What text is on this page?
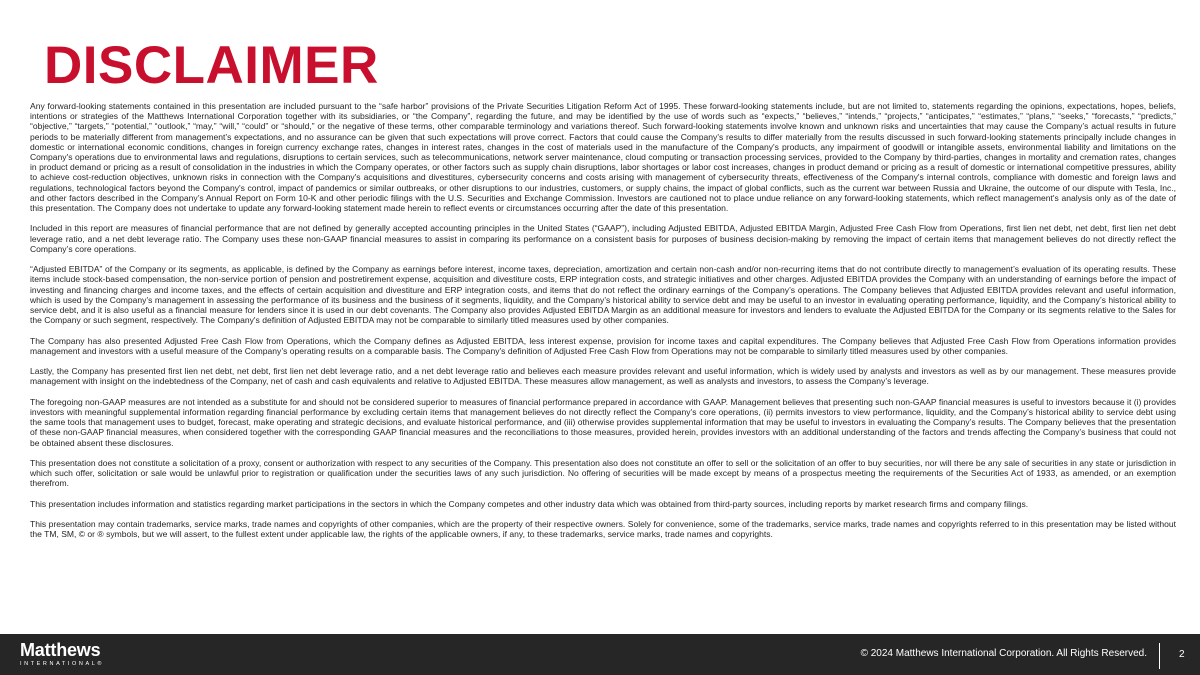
DISCLAIMER

Any forward-looking statements contained in this presentation are included pursuant to the “safe harbor” provisions of the Private Securities Litigation Reform Act of 1995. These forward-looking statements include, but are not limited to, statements regarding the opinions, expectations, hopes, beliefs, intentions or strategies of the Matthews International Corporation together with its subsidiaries, or “the Company”, regarding the future, and may be identified by the use of words such as “expects,” “believes,” “intends,” “projects,” “anticipates,” “estimates,” “plans,” “seeks,” “forecasts,” “predicts,” “objective,” “targets,” “potential,” “outlook,” “may,” “will,” “could” or “should,” or the negative of these terms, other comparable terminology and variations thereof. Such forward-looking statements involve known and unknown risks and uncertainties that may cause the Company’s actual results in future periods to be materially different from management’s expectations, and no assurance can be given that such expectations will prove correct. Factors that could cause the Company's results to differ materially from the results discussed in such forward-looking statements principally include changes in domestic or international economic conditions, changes in foreign currency exchange rates, changes in interest rates, changes in the cost of materials used in the manufacture of the Company's products, any impairment of goodwill or intangible assets, environmental liability and limitations on the Company's operations due to environmental laws and regulations, disruptions to certain services, such as telecommunications, network server maintenance, cloud computing or transaction processing services, provided to the Company by third-parties, changes in mortality and cremation rates, changes in product demand or pricing as a result of consolidation in the industries in which the Company operates, or other factors such as supply chain disruptions, labor shortages or labor cost increases, changes in product demand or pricing as a result of domestic or international competitive pressures, ability to achieve cost-reduction objectives, unknown risks in connection with the Company's acquisitions and divestitures, cybersecurity concerns and costs arising with management of cybersecurity threats, effectiveness of the Company's internal controls, compliance with domestic and foreign laws and regulations, technological factors beyond the Company's control, impact of pandemics or similar outbreaks, or other disruptions to our industries, customers, or supply chains, the impact of global conflicts, such as the current war between Russia and Ukraine, the outcome of our dispute with Tesla, Inc., and other factors described in the Company’s Annual Report on Form 10-K and other periodic filings with the U.S. Securities and Exchange Commission. Investors are cautioned not to place undue reliance on any forward-looking statements, which reflect management's analysis only as of the date of this presentation. The Company does not undertake to update any forward-looking statement made herein to reflect events or circumstances occurring after the date of this presentation.

Included in this report are measures of financial performance that are not defined by generally accepted accounting principles in the United States (“GAAP”), including Adjusted EBITDA, Adjusted EBITDA Margin, Adjusted Free Cash Flow from Operations, first lien net debt, net debt, first lien net debt leverage ratio, and a net debt leverage ratio. The Company uses these non-GAAP financial measures to assist in comparing its performance on a consistent basis for purposes of business decision-making by removing the impact of certain items that management believes do not directly reflect the Company’s core operations.

“Adjusted EBITDA” of the Company or its segments, as applicable, is defined by the Company as earnings before interest, income taxes, depreciation, amortization and certain non-cash and/or non-recurring items that do not contribute directly to management’s evaluation of its operating results. These items include stock-based compensation, the non-service portion of pension and postretirement expense, acquisition and divestiture costs, ERP integration costs, and strategic initiatives and other charges. Adjusted EBITDA provides the Company with an understanding of earnings before the impact of investing and financing charges and income taxes, and the effects of certain acquisition and divestiture and ERP integration costs, and items that do not reflect the ordinary earnings of the Company’s operations. The Company believes that Adjusted EBITDA provides relevant and useful information, which is used by the Company’s management in assessing the performance of its business and the business of it segments, liquidity, and the Company’s historical ability to service debt and may be useful to an investor in evaluating operating performance, liquidity, and the Company’s historical ability to service debt, and it is also useful as a financial measure for lenders since it is used in our debt covenants. The Company also provides Adjusted EBITDA Margin as an additional measure for investors and lenders to evaluate the Adjusted EBITDA for the Company or its segments relative to the Sales for the Company or such segment, respectively. The Company's definition of Adjusted EBITDA may not be comparable to similarly titled measures used by other companies.

The Company has also presented Adjusted Free Cash Flow from Operations, which the Company defines as Adjusted EBITDA, less interest expense, provision for income taxes and capital expenditures. The Company believes that Adjusted Free Cash Flow from Operations information provides management and investors with a useful measure of the Company’s operating results on a comparable basis. The Company's definition of Adjusted Free Cash Flow from Operations may not be comparable to similarly titled measures used by other companies.

Lastly, the Company has presented first lien net debt, net debt, first lien net debt leverage ratio, and a net debt leverage ratio and believes each measure provides relevant and useful information, which is widely used by analysts and investors as well as by our management. These measures provide management with insight on the indebtedness of the Company, net of cash and cash equivalents and relative to Adjusted EBITDA. These measures allow management, as well as analysts and investors, to assess the Company’s leverage.

The foregoing non-GAAP measures are not intended as a substitute for and should not be considered superior to measures of financial performance prepared in accordance with GAAP. Management believes that presenting such non-GAAP financial measures is useful to investors because it (i) provides investors with meaningful supplemental information regarding financial performance by excluding certain items that management believes do not directly reflect the Company’s core operations, (ii) permits investors to view performance, liquidity, and the Company’s historical ability to service debt using the same tools that management uses to budget, forecast, make operating and strategic decisions, and evaluate historical performance, and (iii) otherwise provides supplemental information that may be useful to investors in evaluating the Company’s results. The Company believes that the presentation of these non-GAAP financial measures, when considered together with the corresponding GAAP financial measures and the reconciliations to those measures, provided herein, provides investors with an additional understanding of the factors and trends affecting the Company’s business that could not be obtained absent these disclosures.

This presentation does not constitute a solicitation of a proxy, consent or authorization with respect to any securities of the Company. This presentation also does not constitute an offer to sell or the solicitation of an offer to buy securities, nor will there be any sale of securities in any state or jurisdiction in which such offer, solicitation or sale would be unlawful prior to registration or qualification under the securities laws of any such jurisdiction. No offering of securities will be made except by means of a prospectus meeting the requirements of the Securities Act of 1933, as amended, or an exemption therefrom.

This presentation includes information and statistics regarding market participations in the sectors in which the Company competes and other industry data which was obtained from third-party sources, including reports by market research firms and company filings.

This presentation may contain trademarks, service marks, trade names and copyrights of other companies, which are the property of their respective owners. Solely for convenience, some of the trademarks, service marks, trade names and copyrights referred to in this presentation may be listed without the TM, SM, © or ® symbols, but we will assert, to the fullest extent under applicable law, the rights of the applicable owners, if any, to these trademarks, service marks, trade names and copyrights.

Matthews
INTERNATIONAL®
© 2024 Matthews International Corporation. All Rights Reserved.	2
